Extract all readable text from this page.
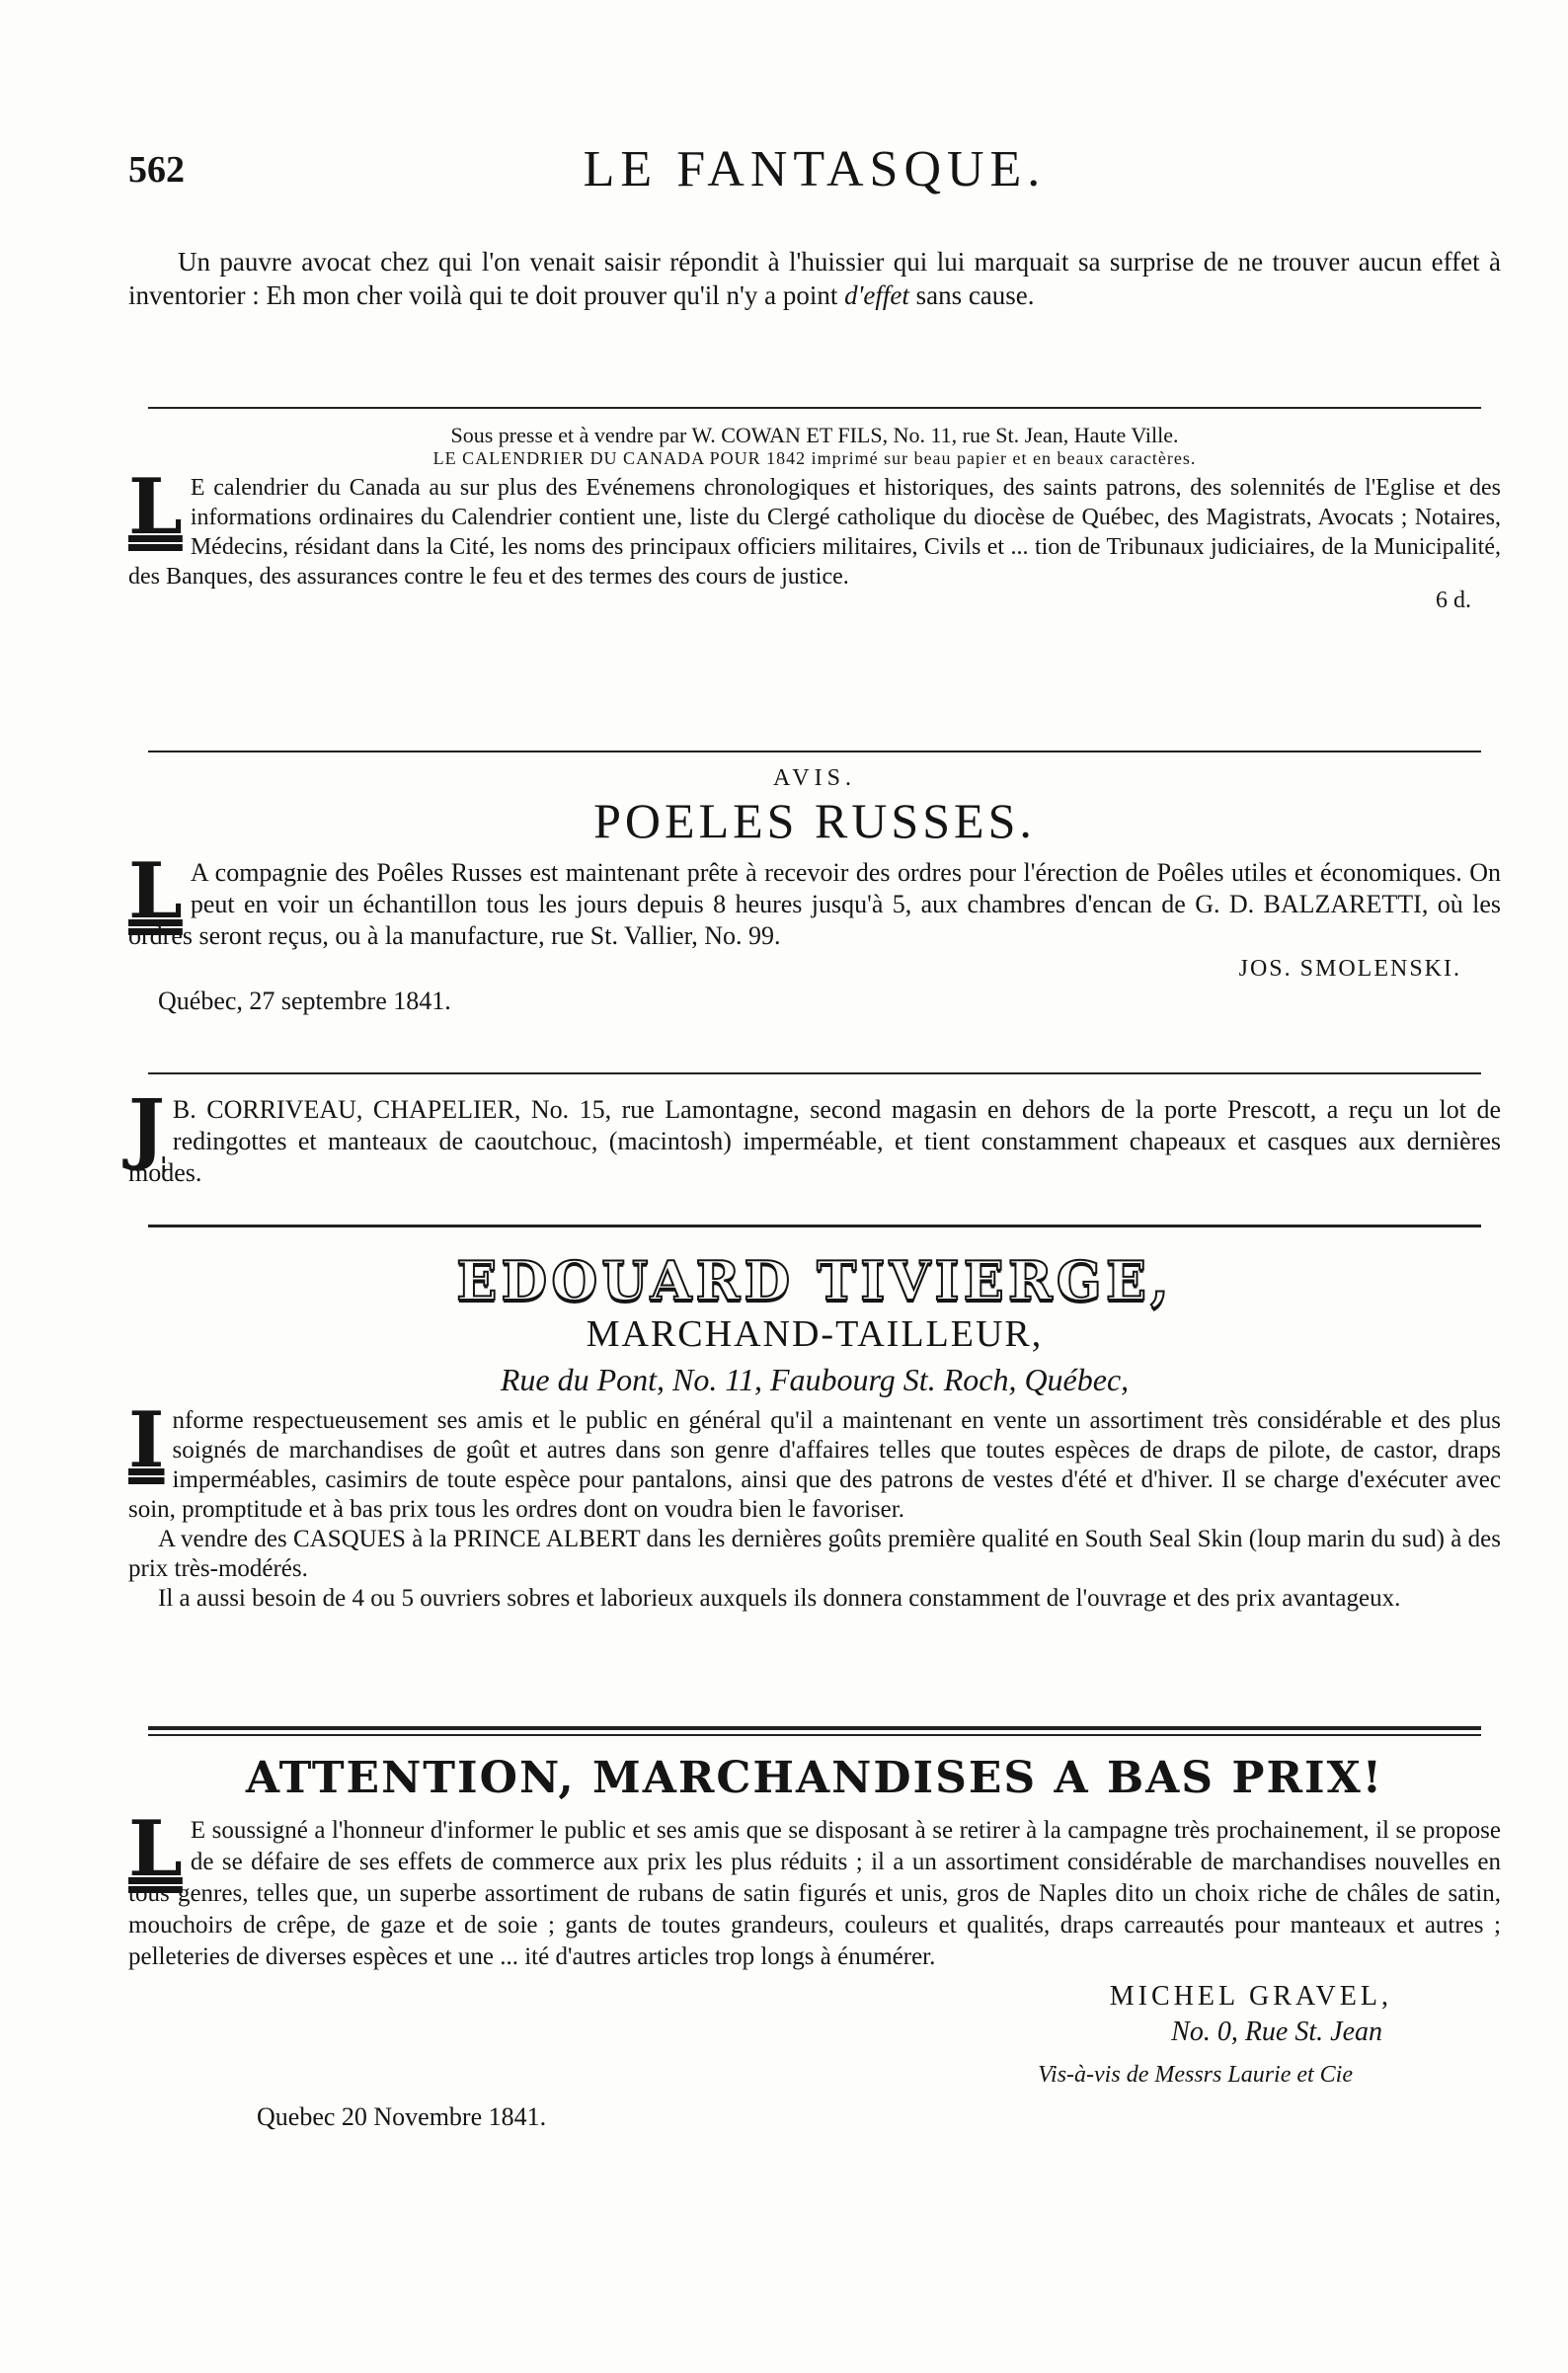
562	LE FANTASQUE.

Un pauvre avocat chez qui l'on venait saisir répondit à l'huissier qui lui marquait sa surprise de ne trouver aucun effet à inventorier : Eh mon cher voilà qui te doit prouver qu'il n'y a point d'effet sans cause.

Sous presse et à vendre par W. COWAN ET FILS, No. 11, rue St. Jean, Haute Ville.

LE CALENDRIER DU CANADA POUR 1842 imprimé sur beau papier et en beaux caractères.

L E calendrier du Canada au sur plus des Evénemens chronologiques et historiques, des saints patrons, des solennités de l'Eglise et des informations ordinaires du Calendrier contient une, liste du Clergé catholique du diocèse de Québec, des Magistrats, Avocats ; Notaires, Médecins, résidant dans la Cité, les noms des principaux officiers militaires, Civils et ... tion de Tribunaux judiciaires, de la Municipalité, des Banques, des assurances contre le feu et des termes des cours de justice.

6 d.

AVIS.

POELES RUSSES.

L A compagnie des Poêles Russes est maintenant prête à recevoir des ordres pour l'érection de Poêles utiles et économiques. On peut en voir un échantillon tous les jours depuis 8 heures jusqu'à 5, aux chambres d'encan de G. D. BALZARETTI, où les ordres seront reçus, ou à la manufacture, rue St. Vallier, No. 99.

JOS. SMOLENSKI.

Québec, 27 septembre 1841.

J B. CORRIVEAU, CHAPELIER, No. 15, rue Lamontagne, second magasin en dehors de la porte Prescott, a reçu un lot de redingottes et manteaux de caoutchouc, (macintosh) imperméable, et tient constamment chapeaux et casques aux dernières modes.

EDOUARD TIVIERGE,

MARCHAND-TAILLEUR,

Rue du Pont, No. 11, Faubourg St. Roch, Québec,

Informe respectueusement ses amis et le public en général qu'il a maintenant en vente un assortiment très considérable et des plus soignés de marchandises de goût et autres dans son genre d'affaires telles que toutes espèces de draps de pilote, de castor, draps imperméables, casimirs de toute espèce pour pantalons, ainsi que des patrons de vestes d'été et d'hiver. Il se charge d'exécuter avec soin, promptitude et à bas prix tous les ordres dont on voudra bien le favoriser.

A vendre des CASQUES à la PRINCE ALBERT dans les dernières goûts première qualité en South Seal Skin (loup marin du sud) à des prix très-modérés.

Il a aussi besoin de 4 ou 5 ouvriers sobres et laborieux auxquels ils donnera constamment de l'ouvrage et des prix avantageux.

ATTENTION, MARCHANDISES A BAS PRIX!

L E soussigné a l'honneur d'informer le public et ses amis que se disposant à se retirer à la campagne très prochainement, il se propose de se défaire de ses effets de commerce aux prix les plus réduits ; il a un assortiment considérable de marchandises nouvelles en tous genres, telles que, un superbe assortiment de rubans de satin figurés et unis, gros de Naples dito un choix riche de châles de satin, mouchoirs de crêpe, de gaze et de soie ; gants de toutes grandeurs, couleurs et qualités, draps carreautés pour manteaux et autres ; pelleteries de diverses espèces et une ... ité d'autres articles trop longs à énumérer.

MICHEL GRAVEL,
No. 0, Rue St. Jean
Vis-à-vis de Messrs Laurie et Cie

Quebec 20 Novembre 1841.
